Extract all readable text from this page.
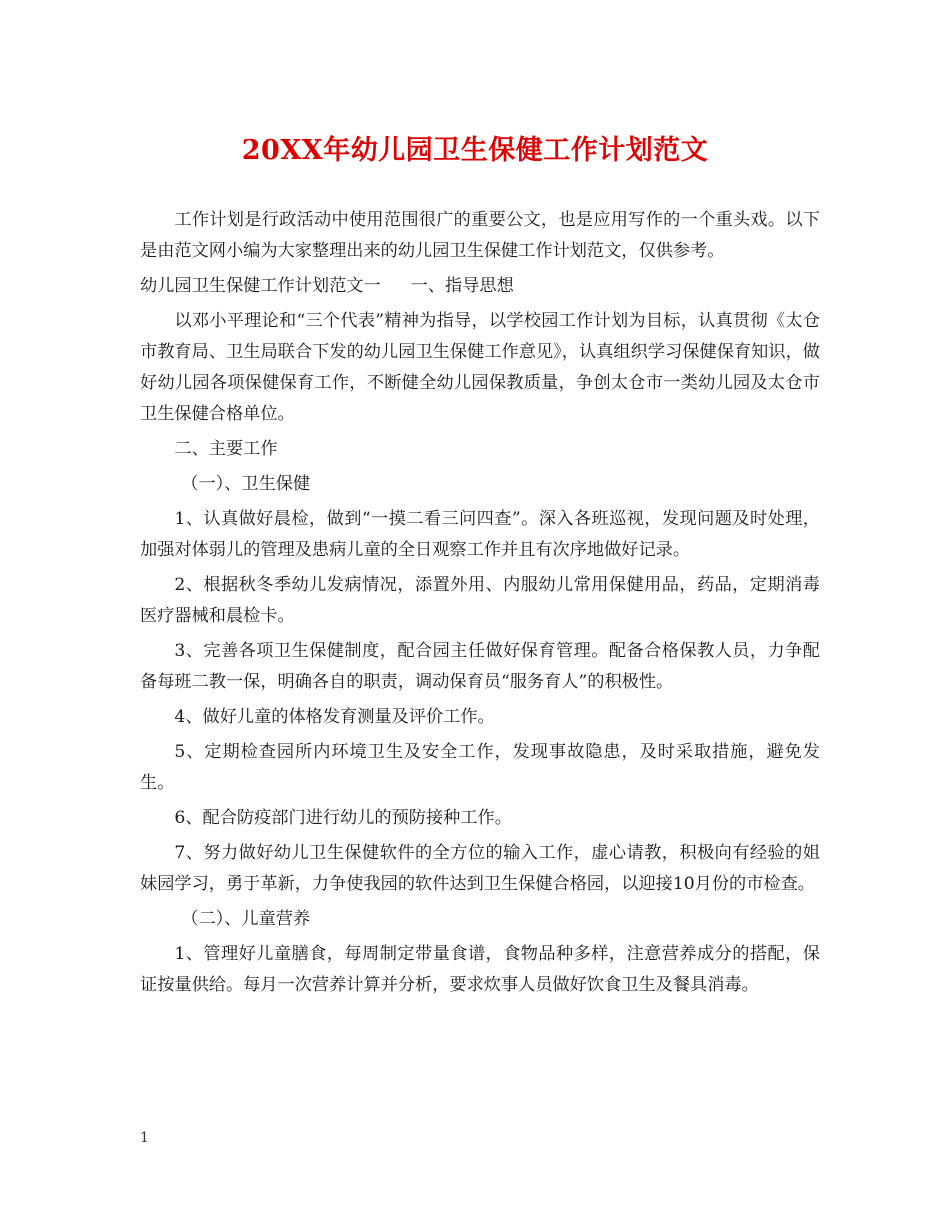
20XX年幼儿园卫生保健工作计划范文

工作计划是行政活动中使用范围很广的重要公文，也是应用写作的一个重头戏。以下是由范文网小编为大家整理出来的幼儿园卫生保健工作计划范文，仅供参考。

幼儿园卫生保健工作计划范文一 一、指导思想

以邓小平理论和“三个代表”精神为指导，以学校园工作计划为目标，认真贯彻《太仓市教育局、卫生局联合下发的幼儿园卫生保健工作意见》，认真组织学习保健保育知识，做好幼儿园各项保健保育工作，不断健全幼儿园保教质量，争创太仓市一类幼儿园及太仓市卫生保健合格单位。

二、主要工作

（一）、卫生保健

1、认真做好晨检，做到“一摸二看三问四查”。深入各班巡视，发现问题及时处理，加强对体弱儿的管理及患病儿童的全日观察工作并且有次序地做好记录。

2、根据秋冬季幼儿发病情况，添置外用、内服幼儿常用保健用品，药品，定期消毒医疗器械和晨检卡。

3、完善各项卫生保健制度，配合园主任做好保育管理。配备合格保教人员，力争配备每班二教一保，明确各自的职责，调动保育员“服务育人”的积极性。

4、做好儿童的体格发育测量及评价工作。

5、定期检查园所内环境卫生及安全工作，发现事故隐患，及时采取措施，避免发生。

6、配合防疫部门进行幼儿的预防接种工作。

7、努力做好幼儿卫生保健软件的全方位的输入工作，虚心请教，积极向有经验的姐妹园学习，勇于革新，力争使我园的软件达到卫生保健合格园，以迎接10月份的市检查。

（二）、儿童营养

1、管理好儿童膳食，每周制定带量食谱，食物品种多样，注意营养成分的搭配，保证按量供给。每月一次营养计算并分析，要求炊事人员做好饮食卫生及餐具消毒。

1
